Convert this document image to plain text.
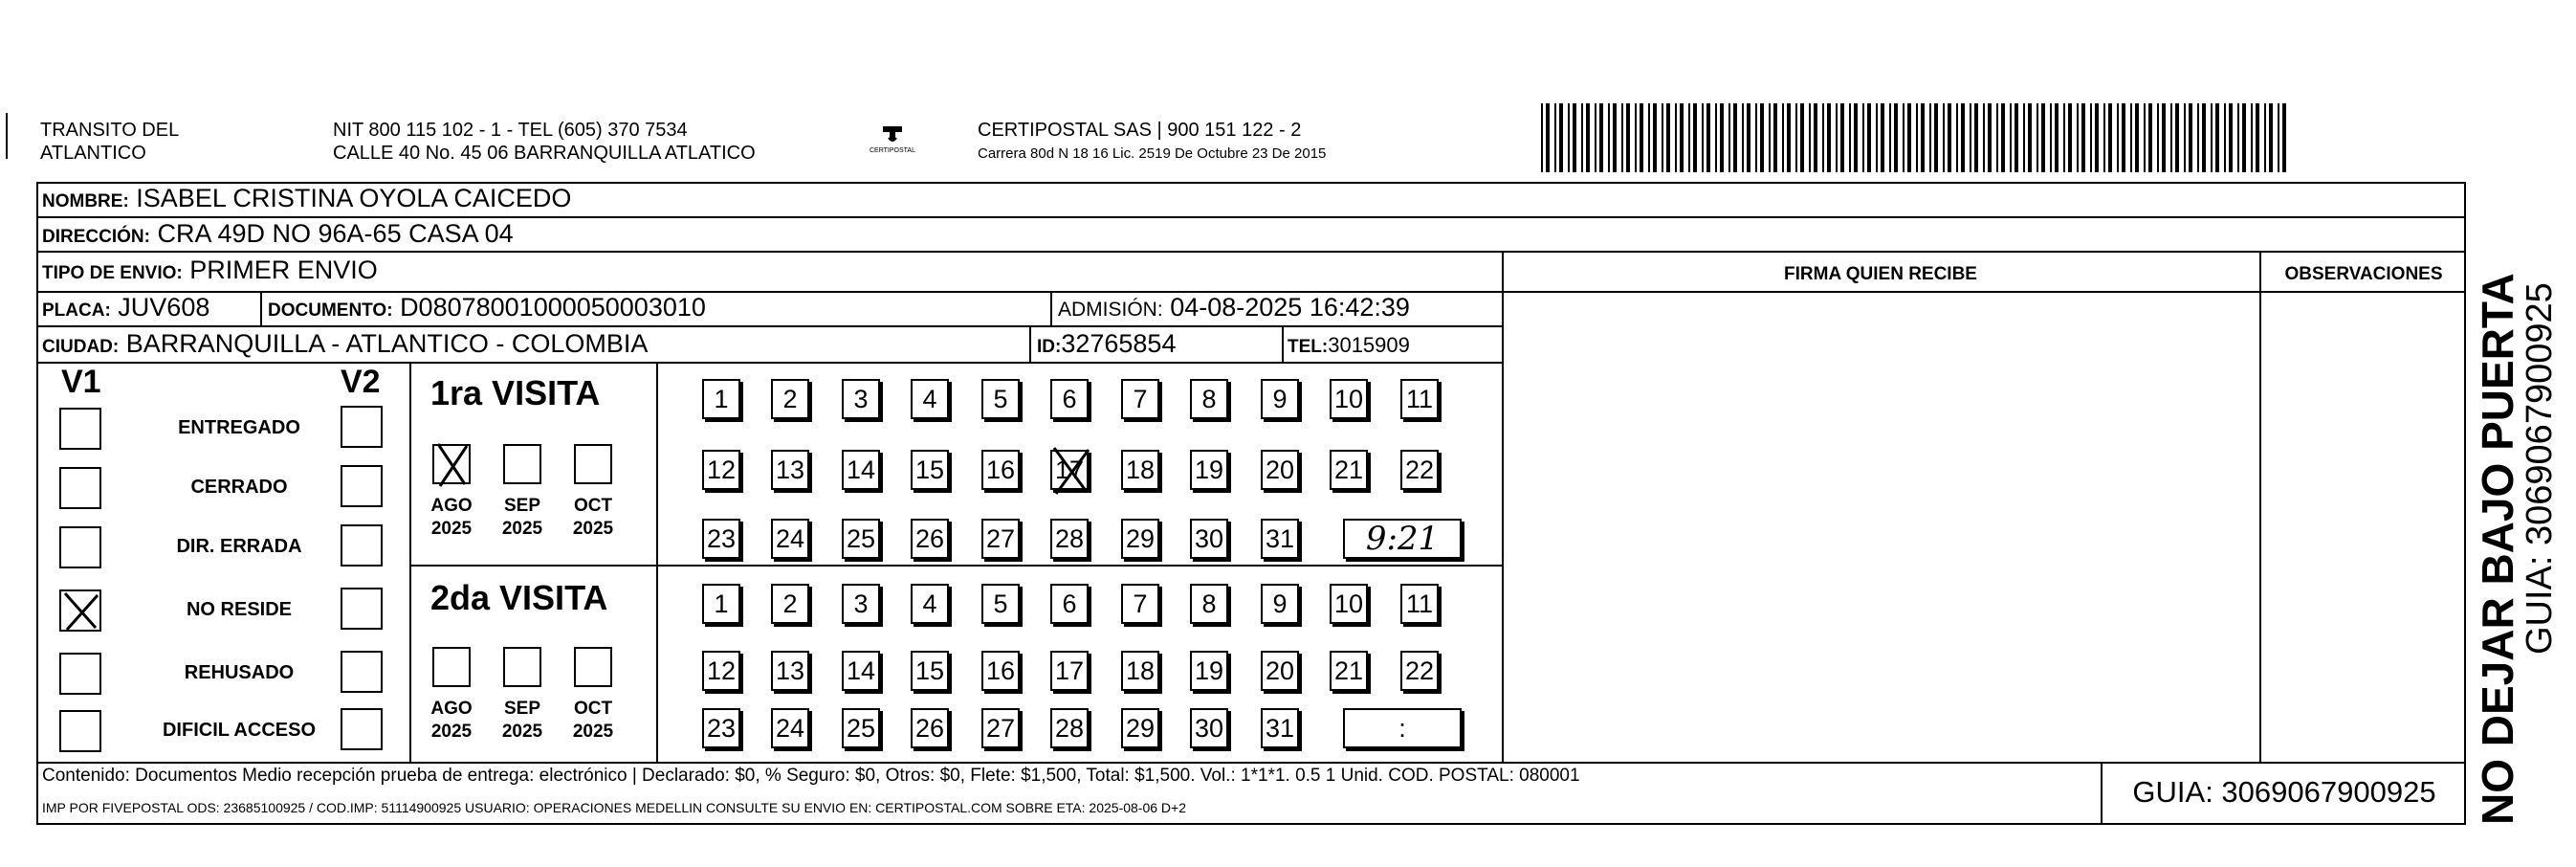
TRANSITO DEL
ATLANTICO
NIT 800 115 102 - 1 - TEL (605) 370 7534
CALLE 40 No. 45 06 BARRANQUILLA ATLATICO	CERTIPOSTAL
CERTIPOSTAL SAS | 900 151 122 - 2
Carrera 80d N 18 16 Lic. 2519 De Octubre 23 De 2015
NOMBRE: ISABEL CRISTINA OYOLA CAICEDO
DIRECCIÓN: CRA 49D NO 96A-65 CASA 04
TIPO DE ENVIO: PRIMER ENVIO	FIRMA QUIEN RECIBE	OBSERVACIONES
PLACA: JUV608	DOCUMENTO: D08078001000050003010	ADMISIÓN: 04-08-2025 16:42:39
CIUDAD: BARRANQUILLA - ATLANTICO - COLOMBIA	ID:32765854	TEL:3015909
V1	V2
ENTREGADO
CERRADO
DIR. ERRADA
NO RESIDE
REHUSADO
DIFICIL ACCESO
1ra VISITA
2da VISITA
AGO
2025
SEP
2025
OCT
2025
AGO
2025
SEP
2025
OCT
2025
1	2	3	4	5	6	7	8	9	10 11
12 13 14 15 16 17 18 19 20 21 22
23 24 25 26 27 28 29 30 31	9:21
1	2	3	4	5	6	7	8	9	10 11
12 13 14 15 16 17 18 19 20 21 22
23 24 25 26 27 28 29 30 31	:	NO DEJAR BAJO PUERTA
GUIA: 3069067900925
Contenido: Documentos Medio recepción prueba de entrega: electrónico | Declarado: $0, % Seguro: $0, Otros: $0, Flete: $1,500, Total: $1,500. Vol.: 1*1*1. 0.5 1 Unid. COD. POSTAL: 080001
IMP POR FIVEPOSTAL ODS: 23685100925 / COD.IMP: 51114900925 USUARIO: OPERACIONES MEDELLIN CONSULTE SU ENVIO EN: CERTIPOSTAL.COM SOBRE ETA: 2025-08-06 D+2	GUIA: 3069067900925
